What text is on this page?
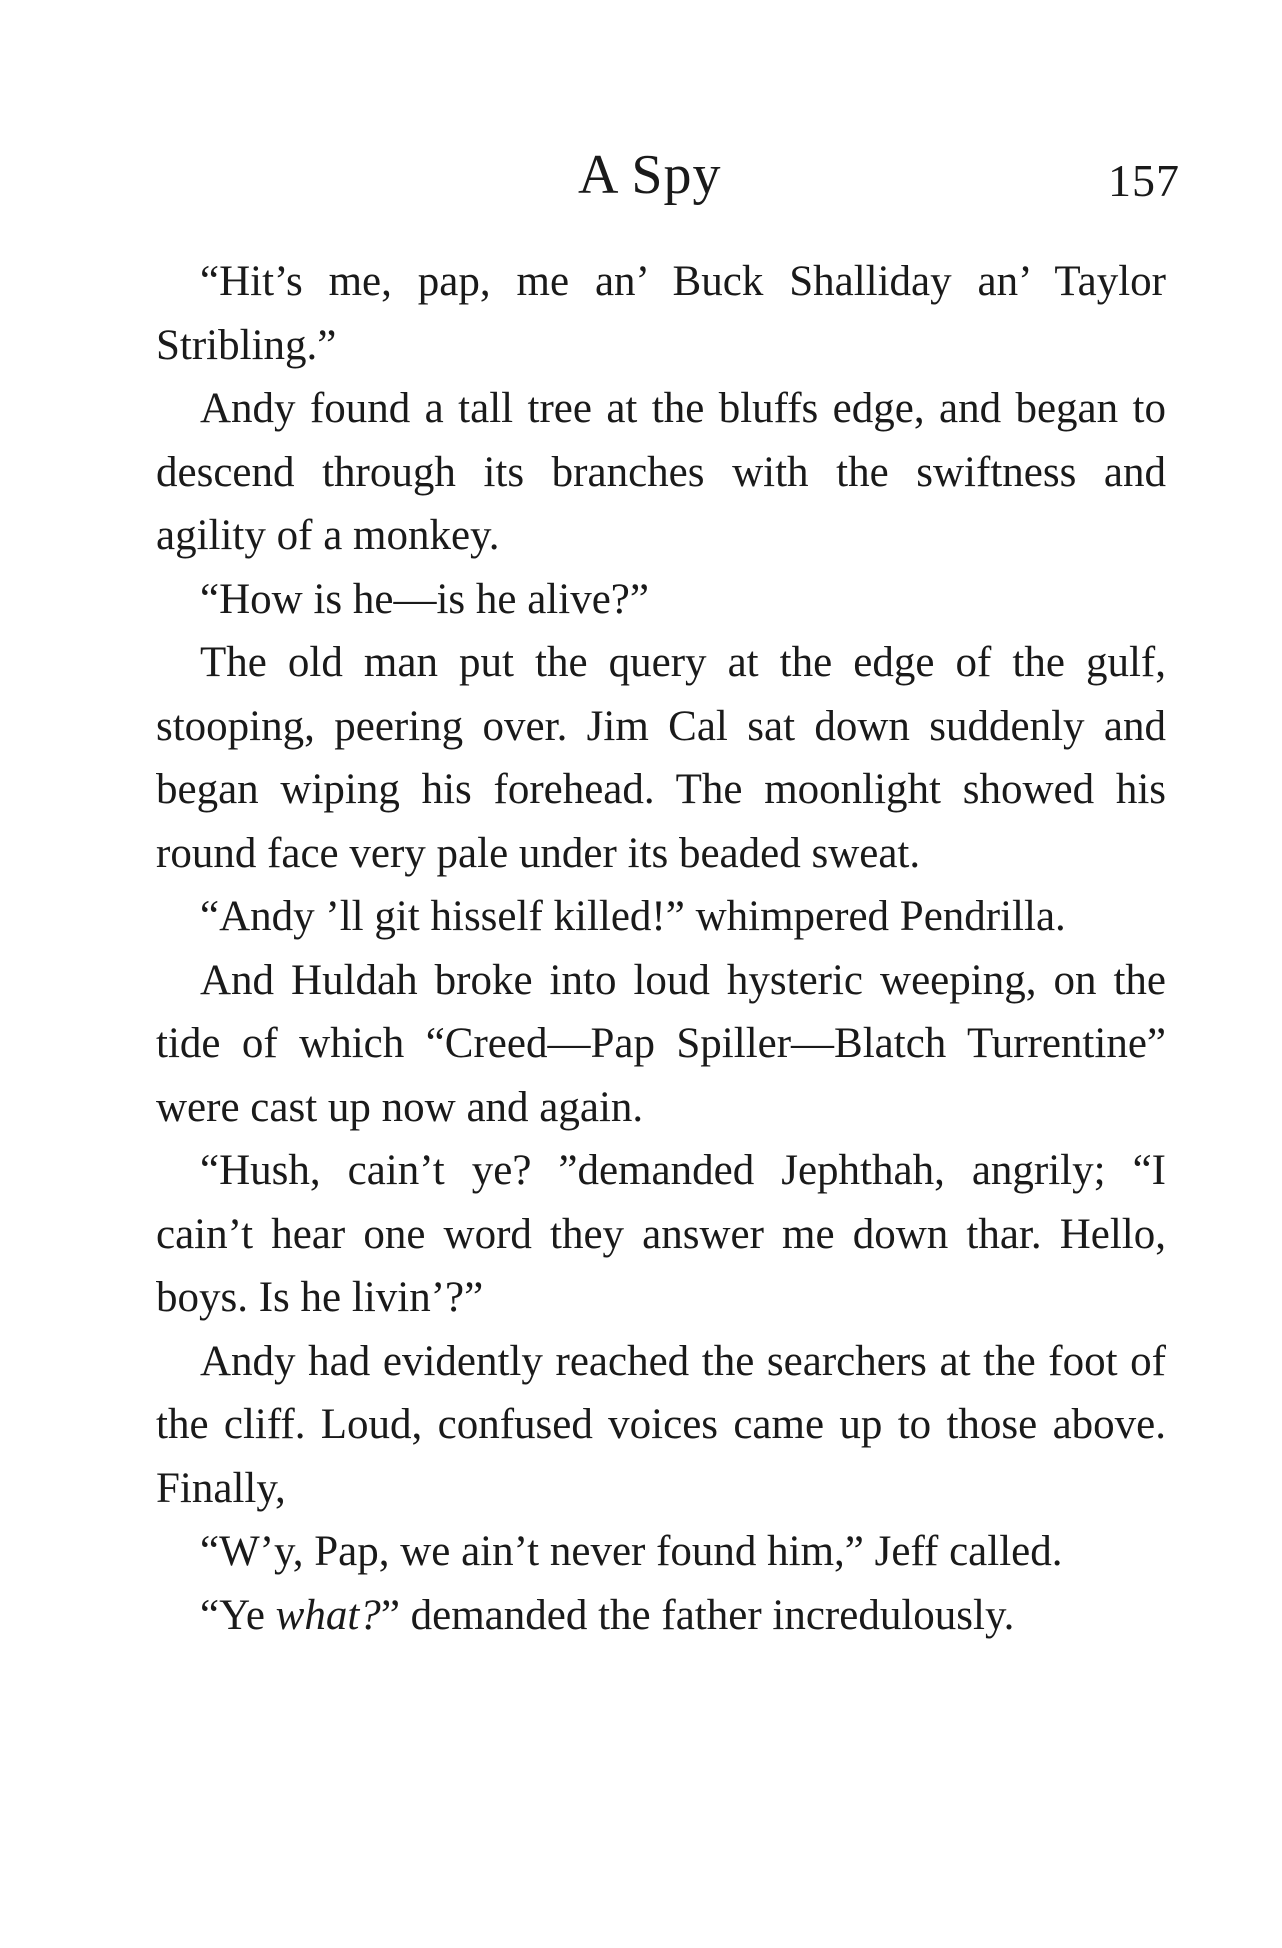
A Spy	157

“Hit’s me, pap, me an’ Buck Shalliday an’ Taylor Stribling.”

Andy found a tall tree at the bluffs edge, and began to descend through its branches with the swiftness and agility of a monkey.

“How is he—is he alive?”

The old man put the query at the edge of the gulf, stooping, peering over. Jim Cal sat down suddenly and began wiping his forehead. The moonlight showed his round face very pale under its beaded sweat.

“Andy ’ll git hisself killed!” whimpered Pendrilla.

And Huldah broke into loud hysteric weeping, on the tide of which “Creed—Pap Spiller—Blatch Turrentine” were cast up now and again.

“Hush, cain’t ye? ”demanded Jephthah, angrily; “I cain’t hear one word they answer me down thar. Hello, boys. Is he livin’?”

Andy had evidently reached the searchers at the foot of the cliff. Loud, confused voices came up to those above. Finally,

“W’y, Pap, we ain’t never found him,” Jeff called.

“Ye what?” demanded the father incredulously.
